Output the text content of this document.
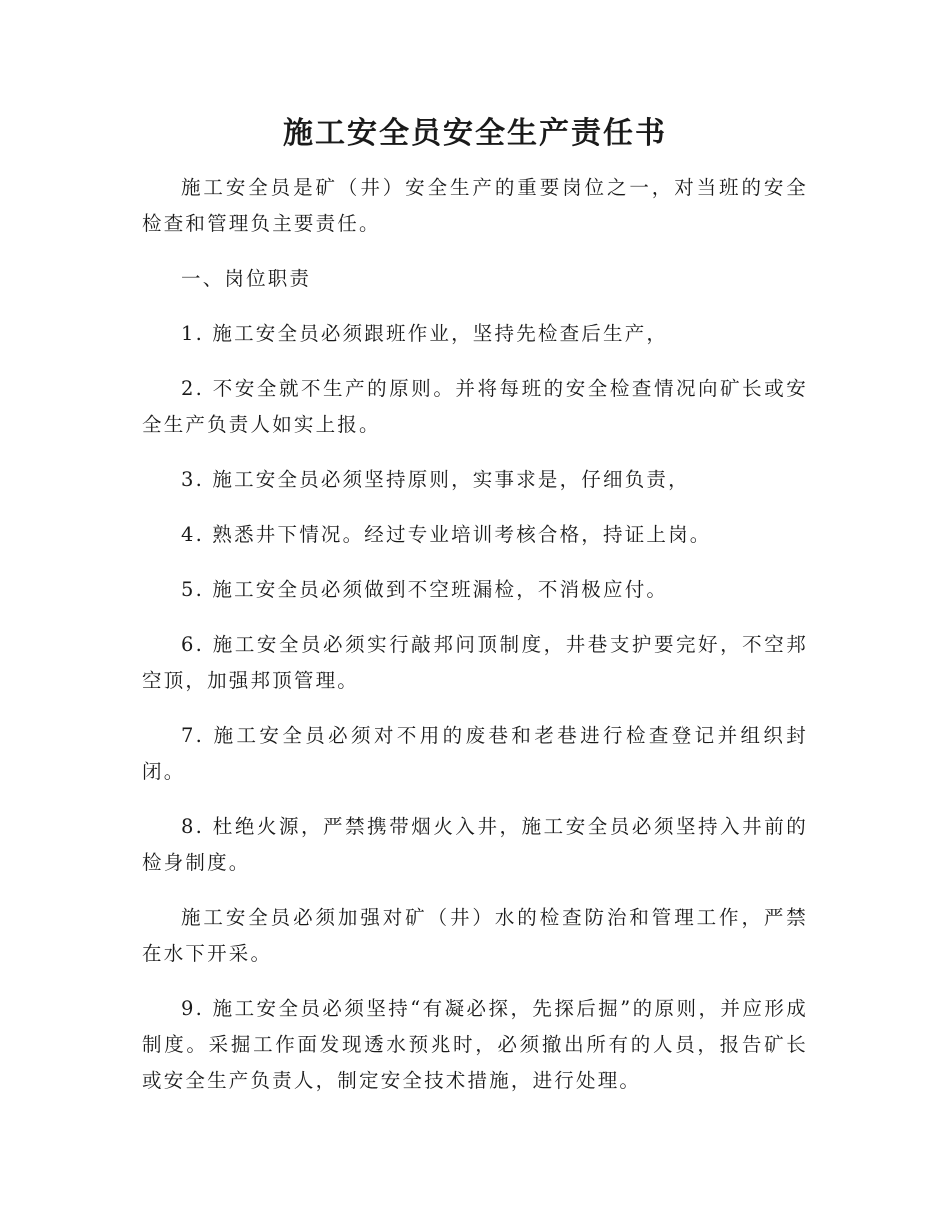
施工安全员安全生产责任书

施工安全员是矿（井）安全生产的重要岗位之一，对当班的安全检查和管理负主要责任。

一、岗位职责

1. 施工安全员必须跟班作业，坚持先检查后生产，

2. 不安全就不生产的原则。并将每班的安全检查情况向矿长或安全生产负责人如实上报。

3. 施工安全员必须坚持原则，实事求是，仔细负责，

4. 熟悉井下情况。经过专业培训考核合格，持证上岗。

5. 施工安全员必须做到不空班漏检，不消极应付。

6. 施工安全员必须实行敲邦问顶制度，井巷支护要完好，不空邦空顶，加强邦顶管理。

7. 施工安全员必须对不用的废巷和老巷进行检查登记并组织封闭。

8. 杜绝火源，严禁携带烟火入井，施工安全员必须坚持入井前的检身制度。

施工安全员必须加强对矿（井）水的检查防治和管理工作，严禁在水下开采。

9. 施工安全员必须坚持“有凝必探，先探后掘”的原则，并应形成制度。采掘工作面发现透水预兆时，必须撤出所有的人员，报告矿长或安全生产负责人，制定安全技术措施，进行处理。
